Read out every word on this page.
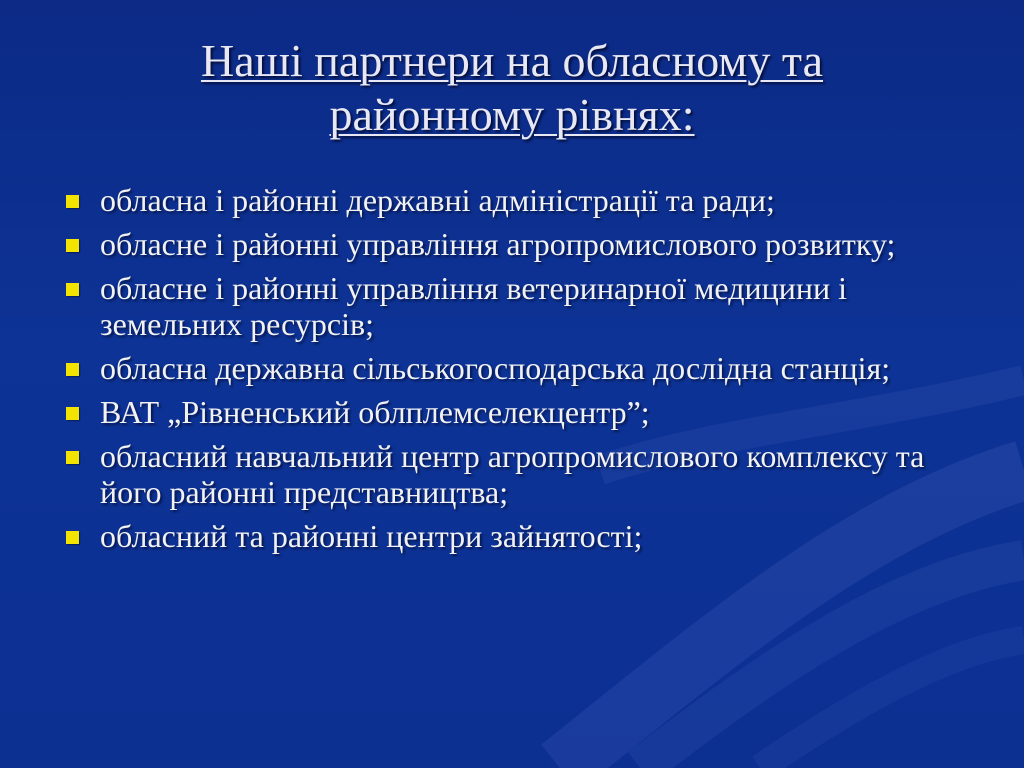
Наші партнери на обласному та
районному рівнях:
обласна і районні державні адміністрації та ради;
обласне і районні управління агропромислового розвитку;
обласне і районні управління ветеринарної медицини і земельних ресурсів;
обласна державна сільськогосподарська дослідна станція;
ВАТ „Рівненський облплемселекцентр”;
обласний навчальний центр агропромислового комплексу та його районні представництва;
обласний та районні центри зайнятості;
